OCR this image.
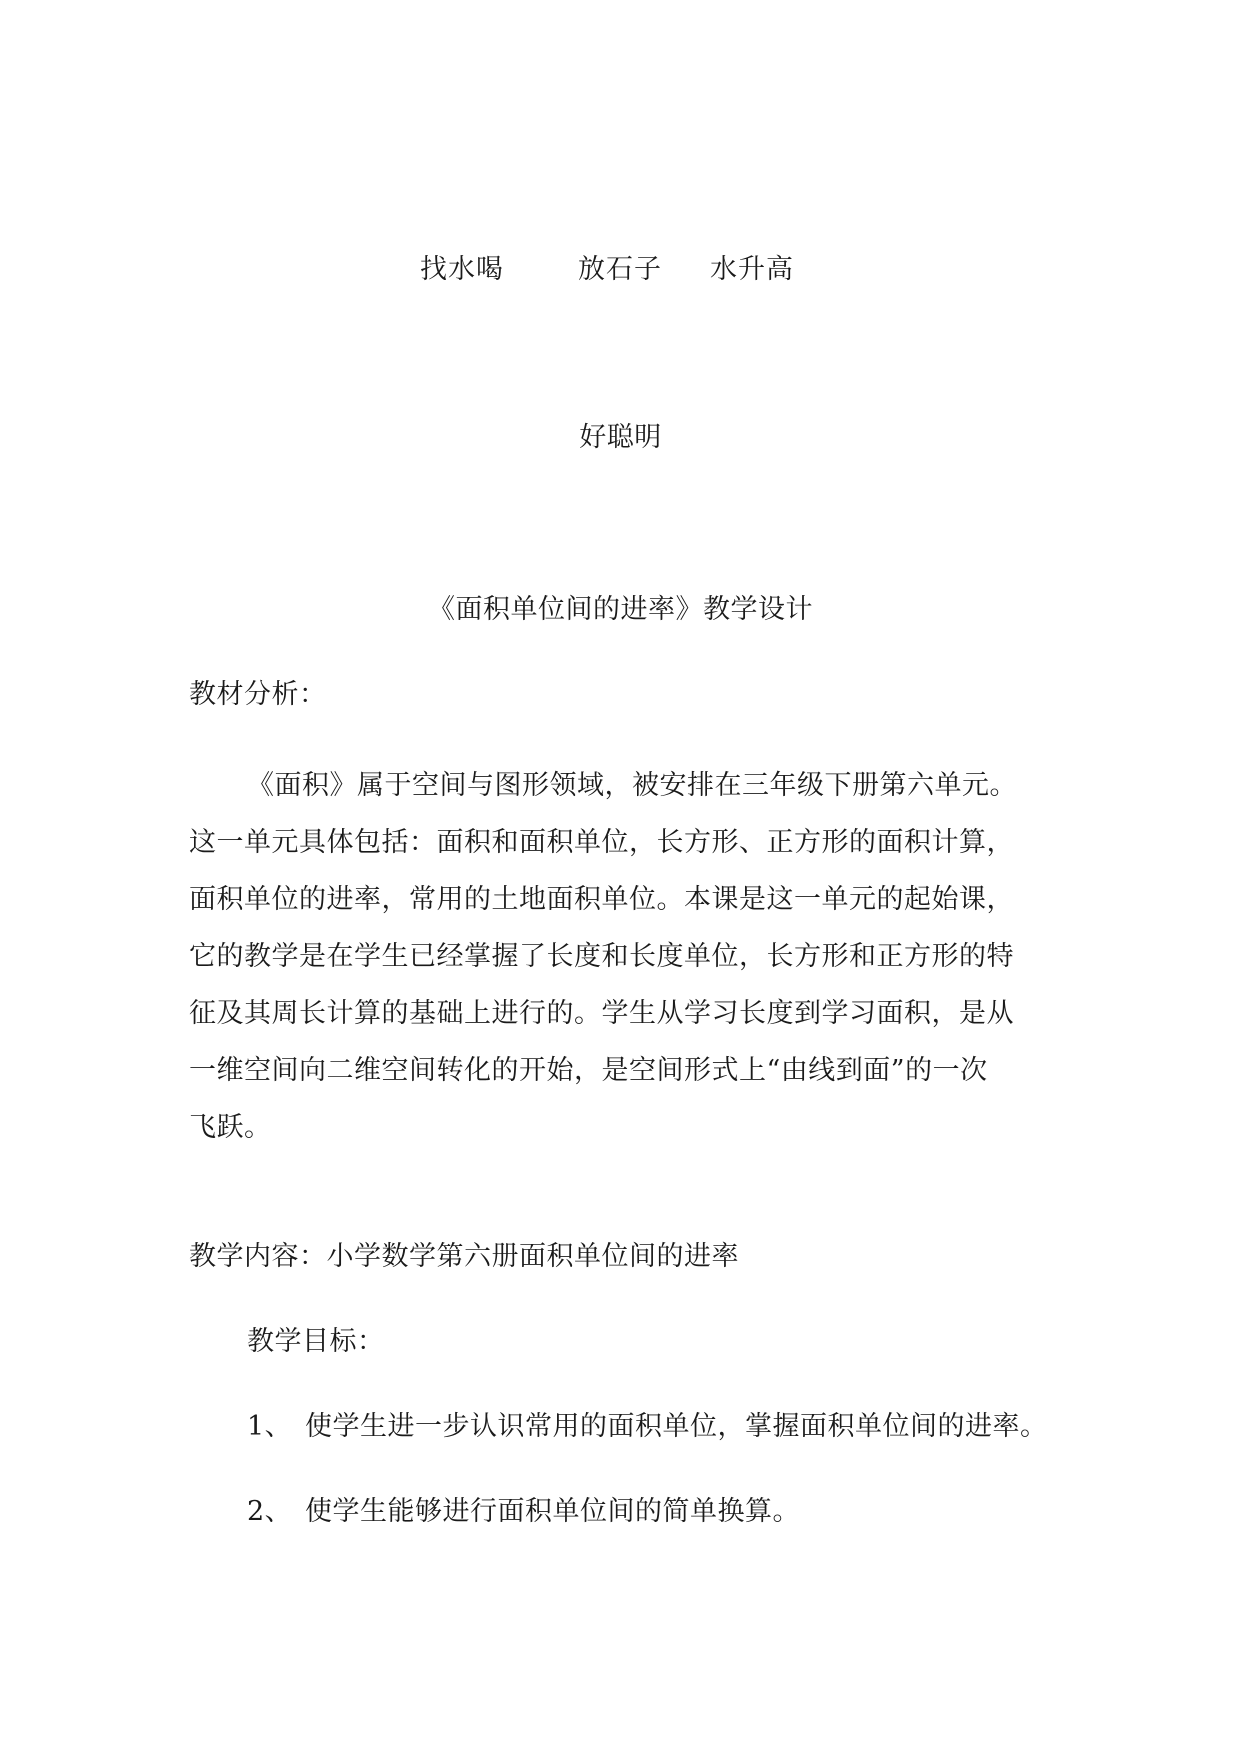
找水喝	放石子 水升高
好聪明
《面积单位间的进率》教学设计
教材分析：
《面积》属于空间与图形领域，被安排在三年级下册第六单元。
这一单元具体包括：面积和面积单位，长方形、正方形的面积计算，
面积单位的进率，常用的土地面积单位。本课是这一单元的起始课，
它的教学是在学生已经掌握了长度和长度单位，长方形和正方形的特
征及其周长计算的基础上进行的。学生从学习长度到学习面积，是从
一维空间向二维空间转化的开始，是空间形式上“由线到面”的一次
飞跃。
教学内容：小学数学第六册面积单位间的进率
教学目标：
1、 使学生进一步认识常用的面积单位，掌握面积单位间的进率。
2、 使学生能够进行面积单位间的简单换算。
